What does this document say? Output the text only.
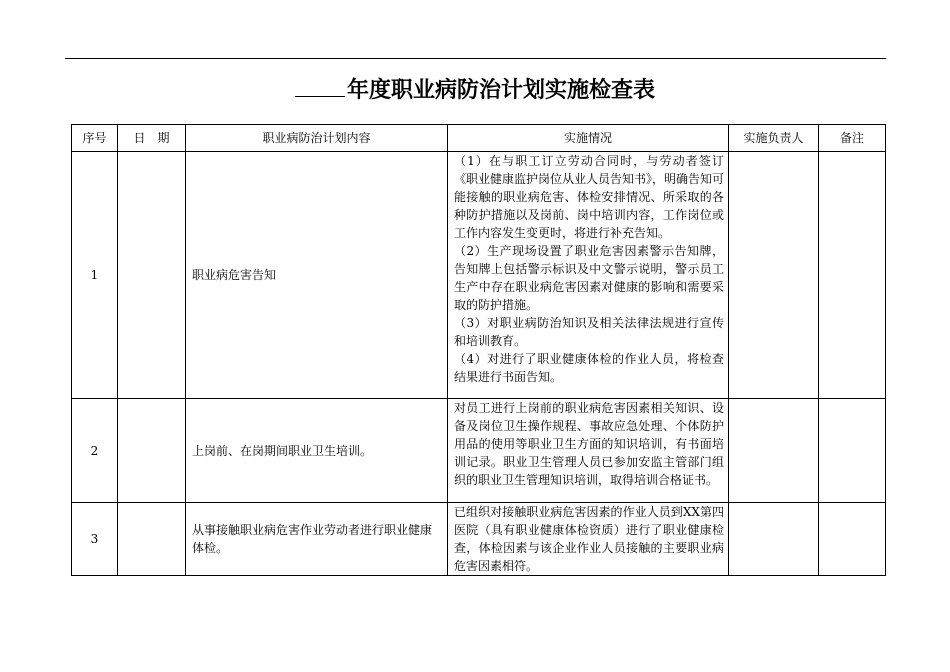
年度职业病防治计划实施检查表
序号	日　期	职业病防治计划内容	实施情况	实施负责人	备注
1		职业病危害告知	（1）在与职工订立劳动合同时，与劳动者签订《职业健康监护岗位从业人员告知书》，明确告知可能接触的职业病危害、体检安排情况、所采取的各种防护措施以及岗前、岗中培训内容，工作岗位或工作内容发生变更时，将进行补充告知。

（2）生产现场设置了职业危害因素警示告知牌，告知牌上包括警示标识及中文警示说明，警示员工生产中存在职业病危害因素对健康的影响和需要采取的防护措施。

（3）对职业病防治知识及相关法律法规进行宣传和培训教育。

（4）对进行了职业健康体检的作业人员，将检查结果进行书面告知。		

2		上岗前、在岗期间职业卫生培训。	对员工进行上岗前的职业病危害因素相关知识、设备及岗位卫生操作规程、事故应急处理、个体防护用品的使用等职业卫生方面的知识培训，有书面培训记录。职业卫生管理人员已参加安监主管部门组织的职业卫生管理知识培训，取得培训合格证书。		

3		从事接触职业病危害作业劳动者进行职业健康体检。	已组织对接触职业病危害因素的作业人员到XX第四医院（具有职业健康体检资质）进行了职业健康检查，体检因素与该企业作业人员接触的主要职业病危害因素相符。		
